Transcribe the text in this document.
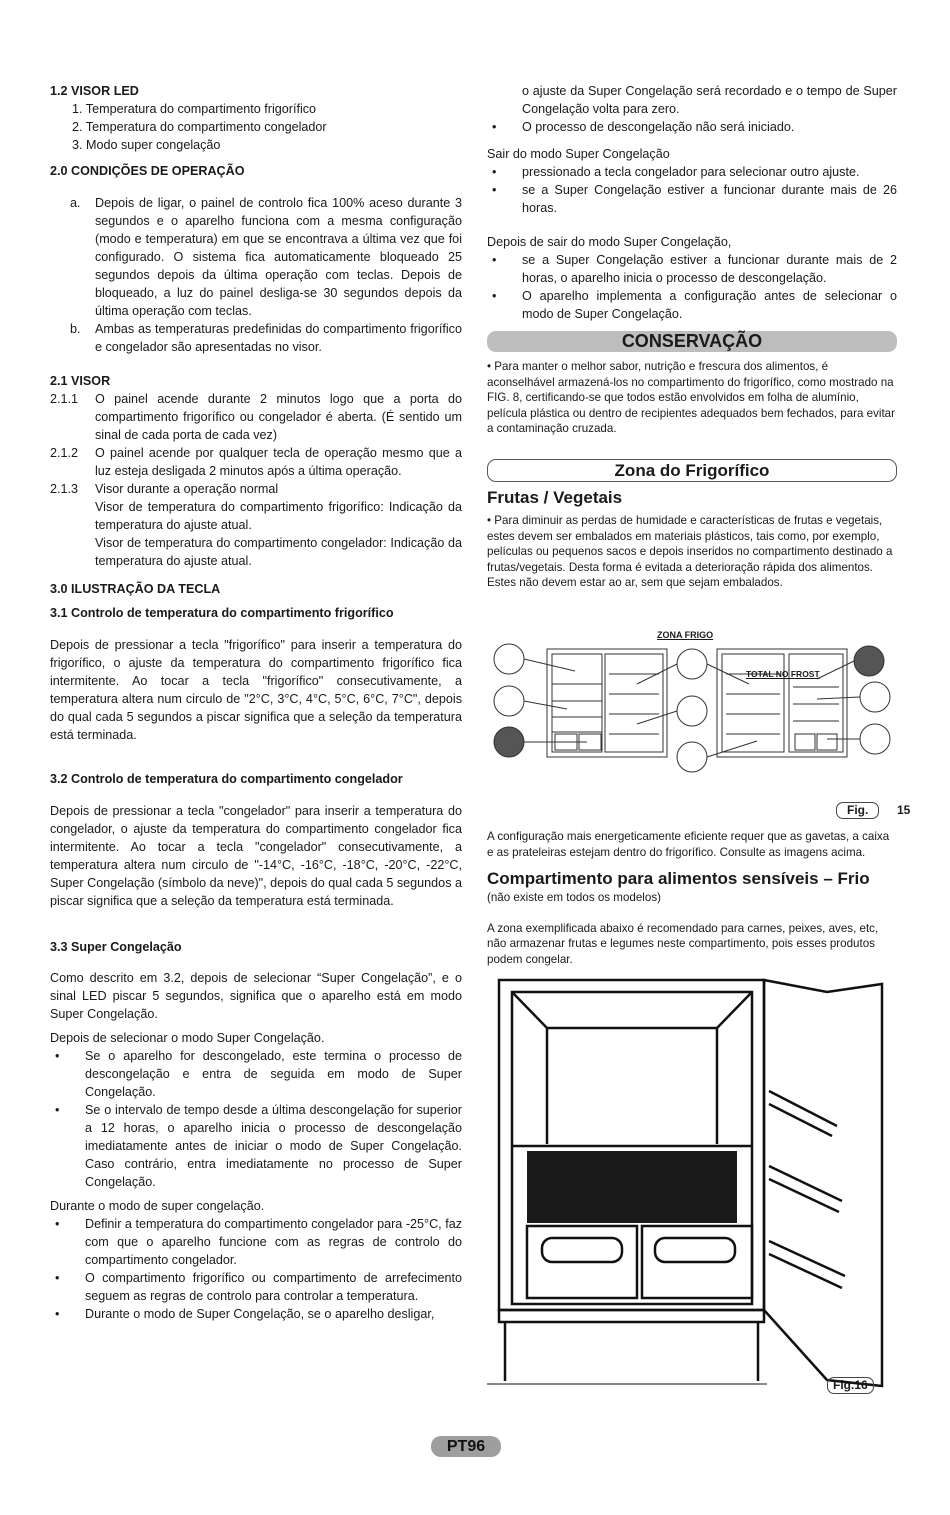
1.2 VISOR LED

1. Temperatura do compartimento frigorífico

2. Temperatura do compartimento congelador

3. Modo super congelação

2.0 CONDIÇÕES DE OPERAÇÃO

a.	Depois de ligar, o painel de controlo fica 100% aceso durante 3 segundos e o aparelho funciona com a mesma configuração (modo e temperatura) em que se encontrava a última vez que foi configurado. O sistema fica automaticamente bloqueado 25 segundos depois da última operação com teclas. Depois de bloqueado, a luz do painel desliga-se 30 segundos depois da última operação com teclas.
b.	Ambas as temperaturas predefinidas do compartimento frigorífico e congelador são apresentadas no visor.

2.1 VISOR

2.1.1	O painel acende durante 2 minutos logo que a porta do compartimento frigorífico ou congelador é aberta. (É sentido um sinal de cada porta de cada vez)
2.1.2	O painel acende por qualquer tecla de operação mesmo que a luz esteja desligada 2 minutos após a última operação.
2.1.3	Visor durante a operação normal

Visor de temperatura do compartimento frigorífico: Indicação da temperatura do ajuste atual.

Visor de temperatura do compartimento congelador: Indicação da temperatura do ajuste atual.

3.0 ILUSTRAÇÃO DA TECLA

3.1 Controlo de temperatura do compartimento frigorífico

Depois de pressionar a tecla "frigorífico" para inserir a temperatura do frigorífico, o ajuste da temperatura do compartimento frigorífico fica intermitente. Ao tocar a tecla "frigorífico" consecutivamente, a temperatura altera num circulo de "2°C, 3°C, 4°C, 5°C, 6°C, 7°C", depois do qual cada 5 segundos a piscar significa que a seleção da temperatura está terminada.

3.2 Controlo de temperatura do compartimento congelador

Depois de pressionar a tecla "congelador" para inserir a temperatura do congelador, o ajuste da temperatura do compartimento congelador fica intermitente. Ao tocar a tecla "congelador" consecutivamente, a temperatura altera num circulo de "-14°C, -16°C, -18°C, -20°C, -22°C, Super Congelação (símbolo da neve)", depois do qual cada 5 segundos a piscar significa que a seleção da temperatura está terminada.

3.3 Super Congelação

Como descrito em 3.2, depois de selecionar “Super Congelação”, e o sinal LED piscar 5 segundos, significa que o aparelho está em modo Super Congelação.

Depois de selecionar o modo Super Congelação.

•	Se o aparelho for descongelado, este termina o processo de descongelação e entra de seguida em modo de Super Congelação.
•	Se o intervalo de tempo desde a última descongelação for superior a 12 horas, o aparelho inicia o processo de descongelação imediatamente antes de iniciar o modo de Super Congelação. Caso contrário, entra imediatamente no processo de Super Congelação.

Durante o modo de super congelação.

•	Definir a temperatura do compartimento congelador para -25°C, faz com que o aparelho funcione com as regras de controlo do compartimento congelador.
•	O compartimento frigorífico ou compartimento de arrefecimento seguem as regras de controlo para controlar a temperatura.
•	Durante o modo de Super Congelação, se o aparelho desligar,
o ajuste da Super Congelação será recordado e o tempo de Super Congelação volta para zero.
•	O processo de descongelação não será iniciado.

Sair do modo Super Congelação

•	pressionado a tecla congelador para selecionar outro ajuste.
•	se a Super Congelação estiver a funcionar durante mais de 26 horas.

Depois de sair do modo Super Congelação,

•	se a Super Congelação estiver a funcionar durante mais de 2 horas, o aparelho inicia o processo de descongelação.
•	O aparelho implementa a configuração antes de selecionar o modo de Super Congelação.
CONSERVAÇÃO

• Para manter o melhor sabor, nutrição e frescura dos alimentos, é aconselhável armazená-los no compartimento do frigorífico, como mostrado na FIG. 8, certificando-se que todos estão envolvidos em folha de alumínio, película plástica ou dentro de recipientes adequados bem fechados, para evitar a contaminação cruzada.

Zona do Frigorífico

Frutas / Vegetais

• Para diminuir as perdas de humidade e características de frutas e vegetais, estes devem ser embalados em materiais plásticos, tais como, por exemplo, películas ou pequenos sacos e depois inseridos no compartimento destinado a frutas/vegetais. Desta forma é evitada a deterioração rápida dos alimentos. Estes não devem estar ao ar, sem que sejam embalados.

ZONA FRIGO
TOTAL NO FROST
Fig.	15

A configuração mais energeticamente eficiente requer que as gavetas, a caixa e as prateleiras estejam dentro do frigorífico. Consulte as imagens acima.

Compartimento para alimentos sensíveis – Frio

(não existe em todos os modelos)

A zona exemplificada abaixo é recomendado para carnes, peixes, aves, etc, não armazenar frutas e legumes neste compartimento, pois esses produtos podem congelar.

Fig.16
PT96
